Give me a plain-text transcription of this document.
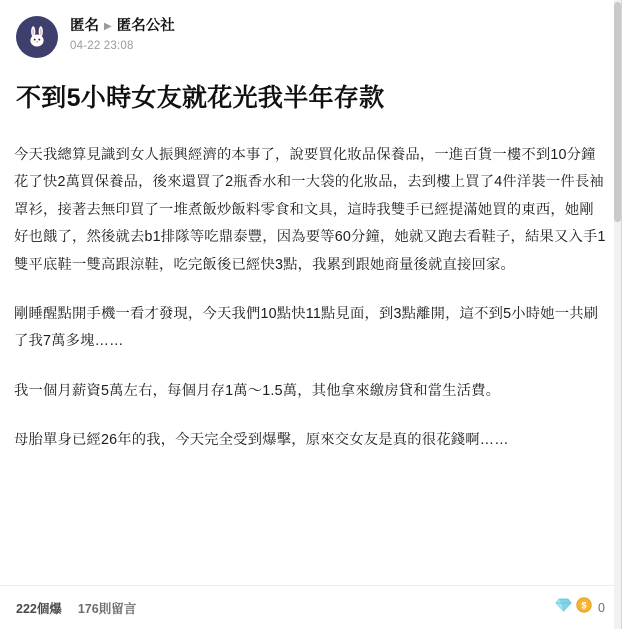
匿名 ▶ 匿名公社
04-22 23:08
不到5小時女友就花光我半年存款

今天我總算見識到女人振興經濟的本事了，說要買化妝品保養品，一進百貨一樓不到10分鐘花了快2萬買保養品，後來還買了2瓶香水和一大袋的化妝品，去到樓上買了4件洋裝一件長袖罩衫，接著去無印買了一堆煮飯炒飯料零食和文具，這時我雙手已經提滿她買的東西，她剛好也餓了，然後就去b1排隊等吃鼎泰豐，因為要等60分鐘，她就又跑去看鞋子，結果又入手1雙平底鞋一雙高跟涼鞋，吃完飯後已經快3點，我累到跟她商量後就直接回家。

剛睡醒點開手機一看才發現，今天我們10點快11點見面，到3點離開，這不到5小時她一共刷了我7萬多塊……

我一個月薪資5萬左右，每個月存1萬～1.5萬，其他拿來繳房貸和當生活費。

母胎單身已經26年的我，今天完全受到爆擊，原來交女友是真的很花錢啊……

222個爆 176則留言	$ 0
